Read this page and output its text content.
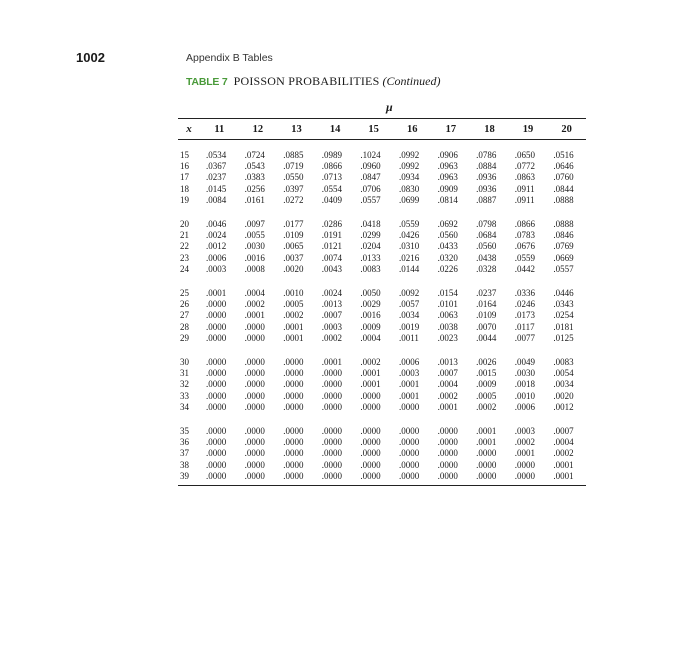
1002	Appendix B Tables
TABLE 7 POISSON PROBABILITIES (Continued)
μ
x	11	12	13	14	15	16	17	18	19	20
15	.0534	.0724	.0885	.0989	.1024	.0992	.0906	.0786	.0650	.0516
16	.0367	.0543	.0719	.0866	.0960	.0992	.0963	.0884	.0772	.0646
17	.0237	.0383	.0550	.0713	.0847	.0934	.0963	.0936	.0863	.0760
18	.0145	.0256	.0397	.0554	.0706	.0830	.0909	.0936	.0911	.0844
19	.0084	.0161	.0272	.0409	.0557	.0699	.0814	.0887	.0911	.0888
20	.0046	.0097	.0177	.0286	.0418	.0559	.0692	.0798	.0866	.0888
21	.0024	.0055	.0109	.0191	.0299	.0426	.0560	.0684	.0783	.0846
22	.0012	.0030	.0065	.0121	.0204	.0310	.0433	.0560	.0676	.0769
23	.0006	.0016	.0037	.0074	.0133	.0216	.0320	.0438	.0559	.0669
24	.0003	.0008	.0020	.0043	.0083	.0144	.0226	.0328	.0442	.0557
25	.0001	.0004	.0010	.0024	.0050	.0092	.0154	.0237	.0336	.0446
26	.0000	.0002	.0005	.0013	.0029	.0057	.0101	.0164	.0246	.0343
27	.0000	.0001	.0002	.0007	.0016	.0034	.0063	.0109	.0173	.0254
28	.0000	.0000	.0001	.0003	.0009	.0019	.0038	.0070	.0117	.0181
29	.0000	.0000	.0001	.0002	.0004	.0011	.0023	.0044	.0077	.0125
30	.0000	.0000	.0000	.0001	.0002	.0006	.0013	.0026	.0049	.0083
31	.0000	.0000	.0000	.0000	.0001	.0003	.0007	.0015	.0030	.0054
32	.0000	.0000	.0000	.0000	.0001	.0001	.0004	.0009	.0018	.0034
33	.0000	.0000	.0000	.0000	.0000	.0001	.0002	.0005	.0010	.0020
34	.0000	.0000	.0000	.0000	.0000	.0000	.0001	.0002	.0006	.0012
35	.0000	.0000	.0000	.0000	.0000	.0000	.0000	.0001	.0003	.0007
36	.0000	.0000	.0000	.0000	.0000	.0000	.0000	.0001	.0002	.0004
37	.0000	.0000	.0000	.0000	.0000	.0000	.0000	.0000	.0001	.0002
38	.0000	.0000	.0000	.0000	.0000	.0000	.0000	.0000	.0000	.0001
39	.0000	.0000	.0000	.0000	.0000	.0000	.0000	.0000	.0000	.0001
